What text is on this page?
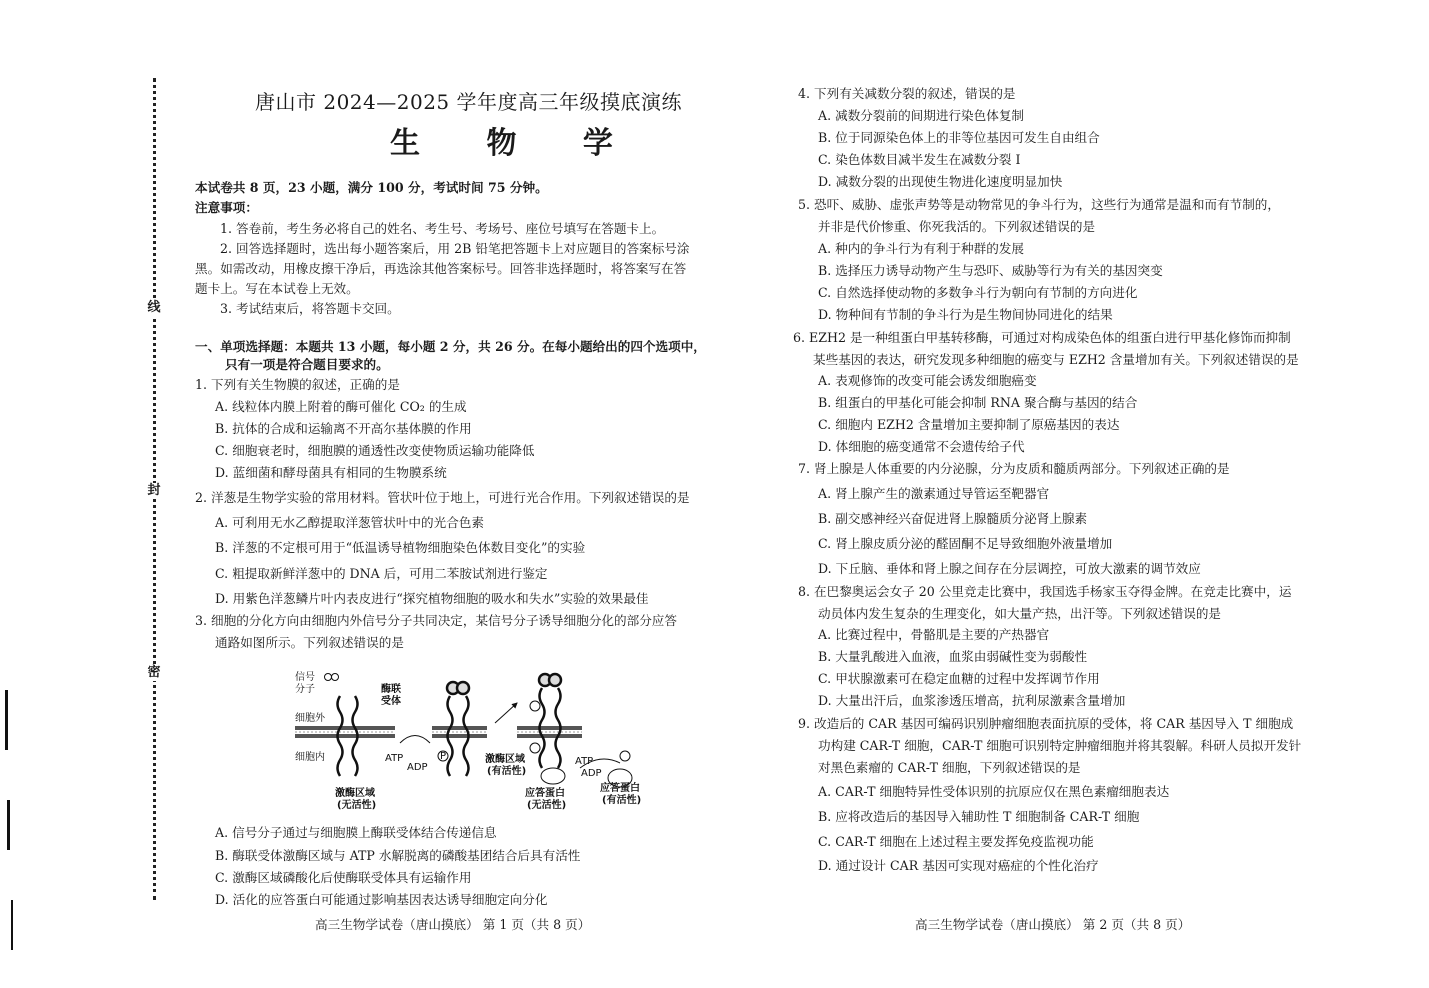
线
封
密
唐山市 2024—2025 学年度高三年级摸底演练
生 物 学
本试卷共 8 页，23 小题，满分 100 分，考试时间 75 分钟。
注意事项：
1. 答卷前，考生务必将自己的姓名、考生号、考场号、座位号填写在答题卡上。
2. 回答选择题时，选出每小题答案后，用 2B 铅笔把答题卡上对应题目的答案标号涂
黑。如需改动，用橡皮擦干净后，再选涂其他答案标号。回答非选择题时，将答案写在答
题卡上。写在本试卷上无效。
3. 考试结束后，将答题卡交回。
一、单项选择题：本题共 13 小题，每小题 2 分，共 26 分。在每小题给出的四个选项中，
只有一项是符合题目要求的。
1. 下列有关生物膜的叙述，正确的是
A. 线粒体内膜上附着的酶可催化 CO₂ 的生成
B. 抗体的合成和运输离不开高尔基体膜的作用
C. 细胞衰老时，细胞膜的通透性改变使物质运输功能降低
D. 蓝细菌和酵母菌具有相同的生物膜系统
2. 洋葱是生物学实验的常用材料。管状叶位于地上，可进行光合作用。下列叙述错误的是
A. 可利用无水乙醇提取洋葱管状叶中的光合色素
B. 洋葱的不定根可用于“低温诱导植物细胞染色体数目变化”的实验
C. 粗提取新鲜洋葱中的 DNA 后，可用二苯胺试剂进行鉴定
D. 用紫色洋葱鳞片叶内表皮进行“探究植物细胞的吸水和失水”实验的效果最佳
3. 细胞的分化方向由细胞内外信号分子共同决定，某信号分子诱导细胞分化的部分应答
通路如图所示。下列叙述错误的是
A. 信号分子通过与细胞膜上酶联受体结合传递信息
B. 酶联受体激酶区域与 ATP 水解脱离的磷酸基团结合后具有活性
C. 激酶区域磷酸化后使酶联受体具有运输作用
D. 活化的应答蛋白可能通过影响基因表达诱导细胞定向分化
高三生物学试卷（唐山摸底） 第 1 页（共 8 页）
信号
分子	酶联
受体
细胞外
细胞内	P
ATP
ADP
ATP
ADP
激酶区域
(无活性)
激酶区域
(有活性)
应答蛋白
(无活性)
应答蛋白
(有活性)
4. 下列有关减数分裂的叙述，错误的是
A. 减数分裂前的间期进行染色体复制
B. 位于同源染色体上的非等位基因可发生自由组合
C. 染色体数目减半发生在减数分裂 Ⅰ
D. 减数分裂的出现使生物进化速度明显加快
5. 恐吓、威胁、虚张声势等是动物常见的争斗行为，这些行为通常是温和而有节制的，
并非是代价惨重、你死我活的。下列叙述错误的是
A. 种内的争斗行为有利于种群的发展
B. 选择压力诱导动物产生与恐吓、威胁等行为有关的基因突变
C. 自然选择使动物的多数争斗行为朝向有节制的方向进化
D. 物种间有节制的争斗行为是生物间协同进化的结果
6. EZH2 是一种组蛋白甲基转移酶，可通过对构成染色体的组蛋白进行甲基化修饰而抑制
某些基因的表达，研究发现多种细胞的癌变与 EZH2 含量增加有关。下列叙述错误的是
A. 表观修饰的改变可能会诱发细胞癌变
B. 组蛋白的甲基化可能会抑制 RNA 聚合酶与基因的结合
C. 细胞内 EZH2 含量增加主要抑制了原癌基因的表达
D. 体细胞的癌变通常不会遗传给子代
7. 肾上腺是人体重要的内分泌腺，分为皮质和髓质两部分。下列叙述正确的是
A. 肾上腺产生的激素通过导管运至靶器官
B. 副交感神经兴奋促进肾上腺髓质分泌肾上腺素
C. 肾上腺皮质分泌的醛固酮不足导致细胞外液量增加
D. 下丘脑、垂体和肾上腺之间存在分层调控，可放大激素的调节效应
8. 在巴黎奥运会女子 20 公里竞走比赛中，我国选手杨家玉夺得金牌。在竞走比赛中，运
动员体内发生复杂的生理变化，如大量产热，出汗等。下列叙述错误的是
A. 比赛过程中，骨骼肌是主要的产热器官
B. 大量乳酸进入血液，血浆由弱碱性变为弱酸性
C. 甲状腺激素可在稳定血糖的过程中发挥调节作用
D. 大量出汗后，血浆渗透压增高，抗利尿激素含量增加
9. 改造后的 CAR 基因可编码识别肿瘤细胞表面抗原的受体，将 CAR 基因导入 T 细胞成
功构建 CAR-T 细胞，CAR-T 细胞可识别特定肿瘤细胞并将其裂解。科研人员拟开发针
对黑色素瘤的 CAR-T 细胞，下列叙述错误的是
A. CAR-T 细胞特异性受体识别的抗原应仅在黑色素瘤细胞表达
B. 应将改造后的基因导入辅助性 T 细胞制备 CAR-T 细胞
C. CAR-T 细胞在上述过程主要发挥免疫监视功能
D. 通过设计 CAR 基因可实现对癌症的个性化治疗
高三生物学试卷（唐山摸底） 第 2 页（共 8 页）
